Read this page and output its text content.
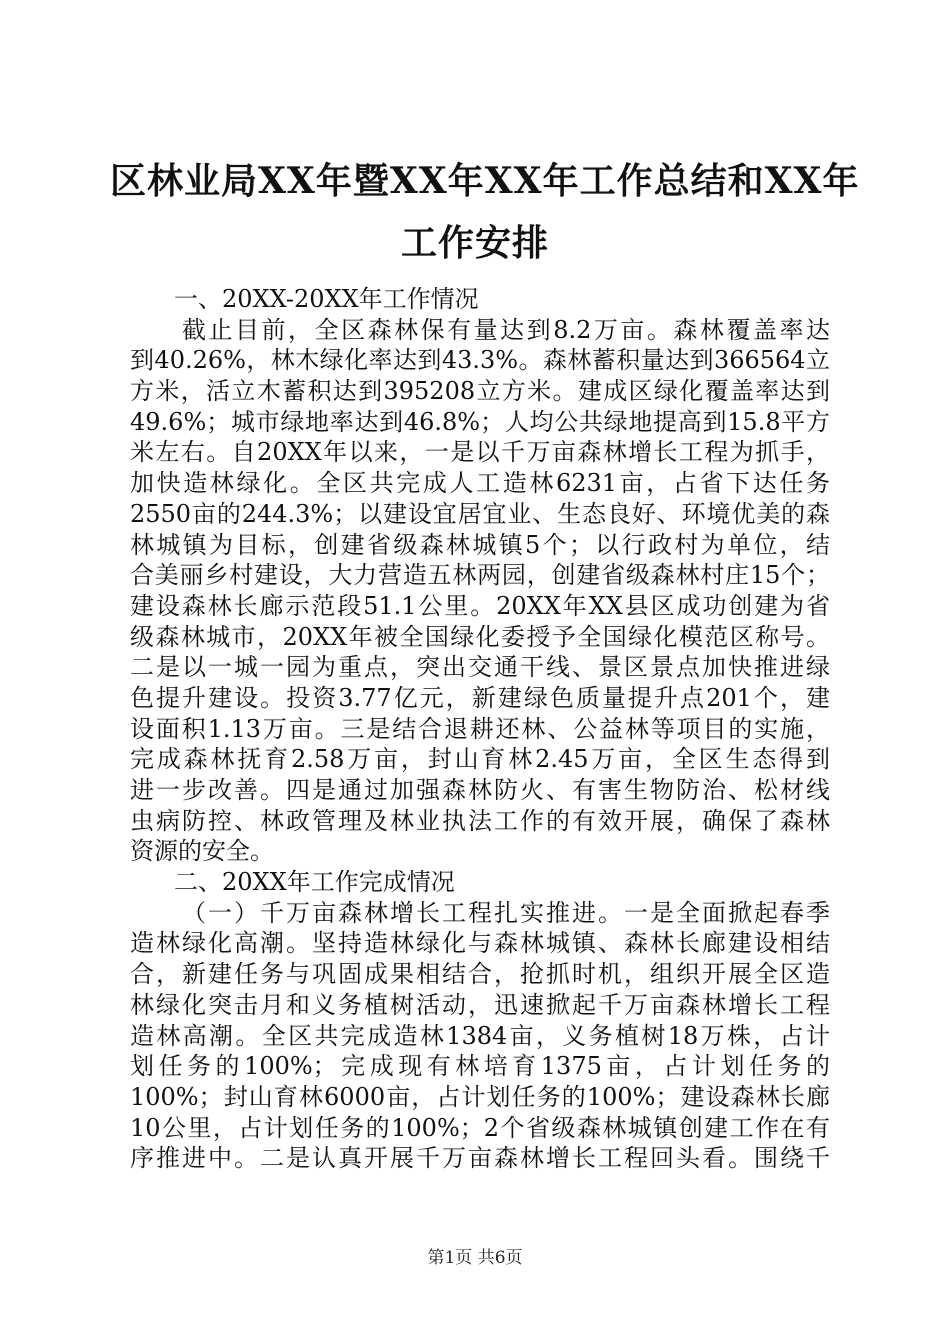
区林业局XX年暨XX年XX年工作总结和XX年
工作安排
一、20XX-20XX年工作情况
截止目前，全区森林保有量达到8.2万亩。森林覆盖率达
到40.26%，林木绿化率达到43.3%。森林蓄积量达到366564立
方米，活立木蓄积达到395208立方米。建成区绿化覆盖率达到
49.6%；城市绿地率达到46.8%；人均公共绿地提高到15.8平方
米左右。自20XX年以来，一是以千万亩森林增长工程为抓手，
加快造林绿化。全区共完成人工造林6231亩，占省下达任务
2550亩的244.3%；以建设宜居宜业、生态良好、环境优美的森
林城镇为目标，创建省级森林城镇5个；以行政村为单位，结
合美丽乡村建设，大力营造五林两园，创建省级森林村庄15个；
建设森林长廊示范段51.1公里。20XX年XX县区成功创建为省
级森林城市，20XX年被全国绿化委授予全国绿化模范区称号。
二是以一城一园为重点，突出交通干线、景区景点加快推进绿
色提升建设。投资3.77亿元，新建绿色质量提升点201个，建
设面积1.13万亩。三是结合退耕还林、公益林等项目的实施，
完成森林抚育2.58万亩，封山育林2.45万亩，全区生态得到
进一步改善。四是通过加强森林防火、有害生物防治、松材线
虫病防控、林政管理及林业执法工作的有效开展，确保了森林
资源的安全。
二、20XX年工作完成情况
（一）千万亩森林增长工程扎实推进。一是全面掀起春季
造林绿化高潮。坚持造林绿化与森林城镇、森林长廊建设相结
合，新建任务与巩固成果相结合，抢抓时机，组织开展全区造
林绿化突击月和义务植树活动，迅速掀起千万亩森林增长工程
造林高潮。全区共完成造林1384亩，义务植树18万株，占计
划任务的100%；完成现有林培育1375亩，占计划任务的
100%；封山育林6000亩，占计划任务的100%；建设森林长廊
10公里，占计划任务的100%；2个省级森林城镇创建工作在有
序推进中。二是认真开展千万亩森林增长工程回头看。围绕千
第1页 共6页
